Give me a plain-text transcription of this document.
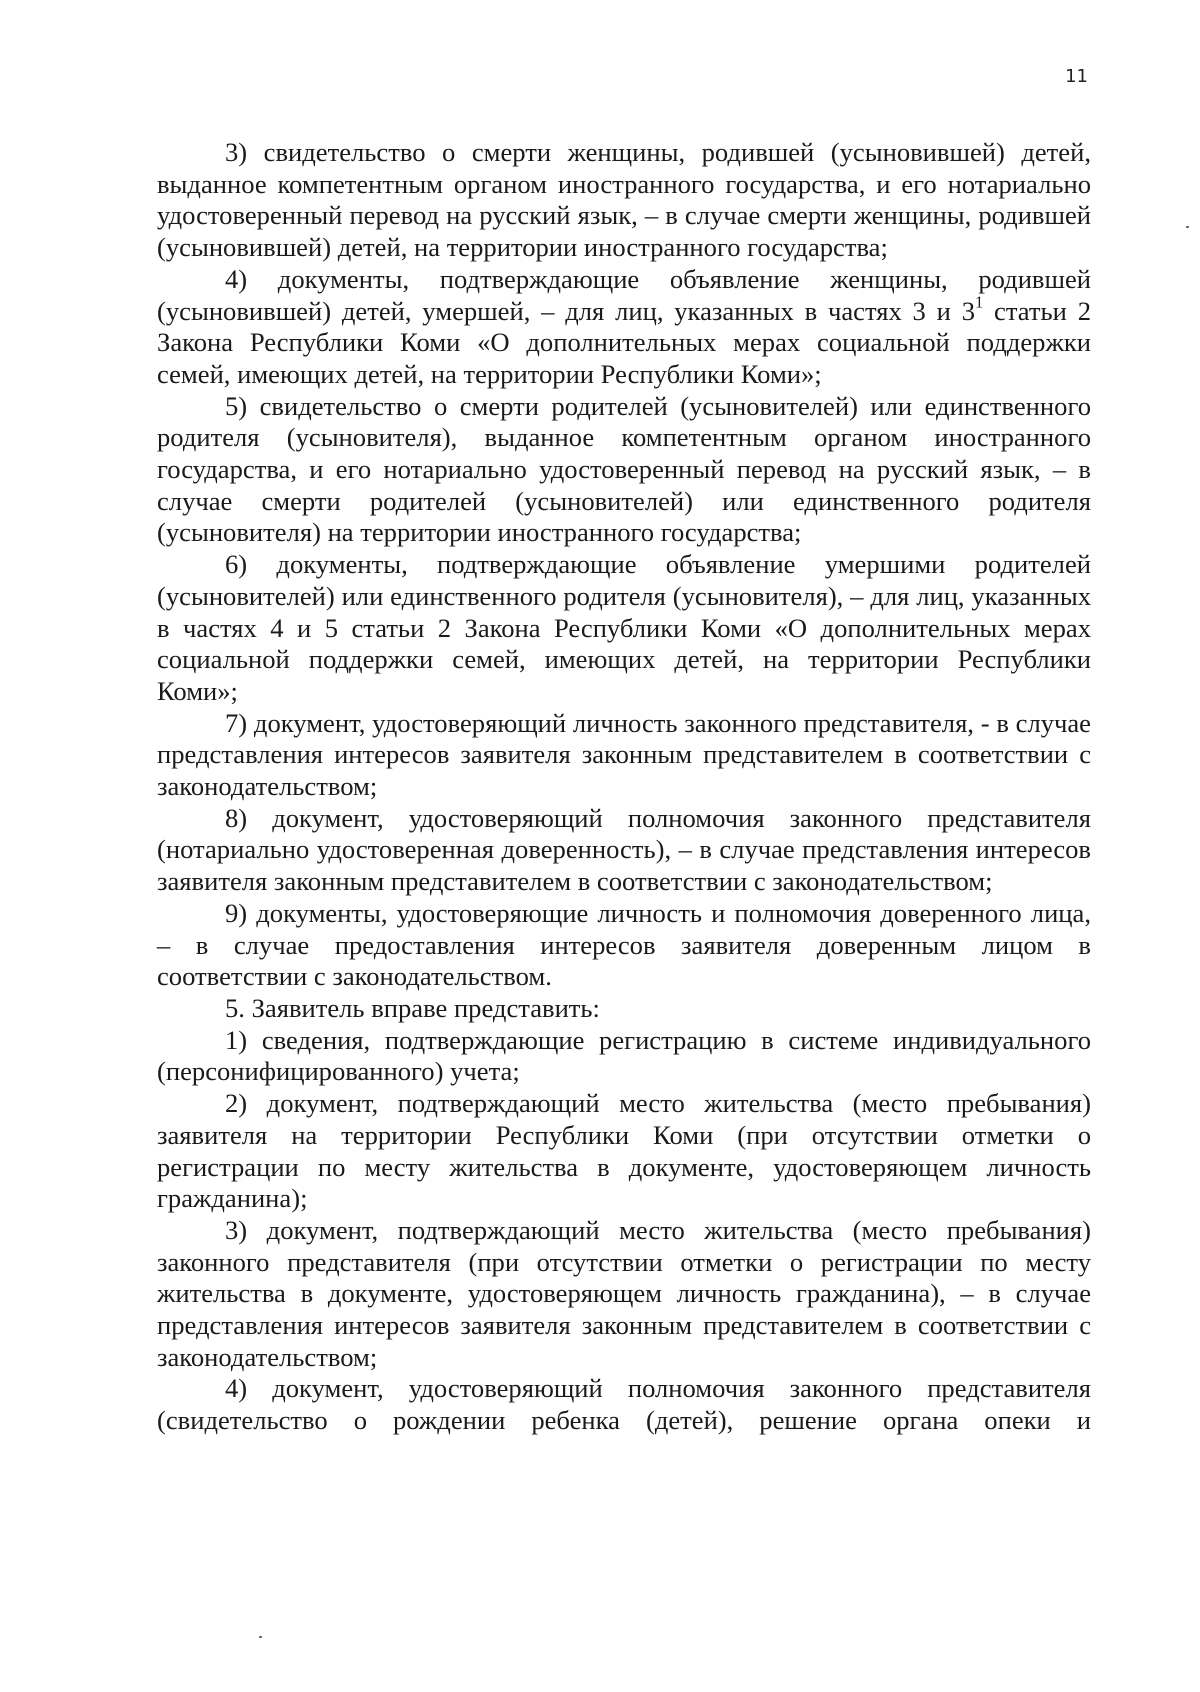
11

3) свидетельство о смерти женщины, родившей (усыновившей) детей, выданное компетентным органом иностранного государства, и его нотариально удостоверенный перевод на русский язык, – в случае смерти женщины, родившей (усыновившей) детей, на территории иностранного государства;

4) документы, подтверждающие объявление женщины, родившей (усыновившей) детей, умершей, – для лиц, указанных в частях 3 и $3^1$ статьи 2 Закона Республики Коми «О дополнительных мерах социальной поддержки семей, имеющих детей, на территории Республики Коми»;

5) свидетельство о смерти родителей (усыновителей) или единственного родителя (усыновителя), выданное компетентным органом иностранного государства, и его нотариально удостоверенный перевод на русский язык, – в случае смерти родителей (усыновителей) или единственного родителя (усыновителя) на территории иностранного государства;

6) документы, подтверждающие объявление умершими родителей (усыновителей) или единственного родителя (усыновителя), – для лиц, указанных в частях 4 и 5 статьи 2 Закона Республики Коми «О дополнительных мерах социальной поддержки семей, имеющих детей, на территории Республики Коми»;

7) документ, удостоверяющий личность законного представителя, - в случае представления интересов заявителя законным представителем в соответствии с законодательством;

8) документ, удостоверяющий полномочия законного представителя (нотариально удостоверенная доверенность), – в случае представления интересов заявителя законным представителем в соответствии с законодательством;

9) документы, удостоверяющие личность и полномочия доверенного лица, – в случае предоставления интересов заявителя доверенным лицом в соответствии с законодательством.

5. Заявитель вправе представить:

1) сведения, подтверждающие регистрацию в системе индивидуального (персонифицированного) учета;

2) документ, подтверждающий место жительства (место пребывания) заявителя на территории Республики Коми (при отсутствии отметки о регистрации по месту жительства в документе, удостоверяющем личность гражданина);

3) документ, подтверждающий место жительства (место пребывания) законного представителя (при отсутствии отметки о регистрации по месту жительства в документе, удостоверяющем личность гражданина), – в случае представления интересов заявителя законным представителем в соответствии с законодательством;

4) документ, удостоверяющий полномочия законного представителя (свидетельство о рождении ребенка (детей), решение органа опеки и
